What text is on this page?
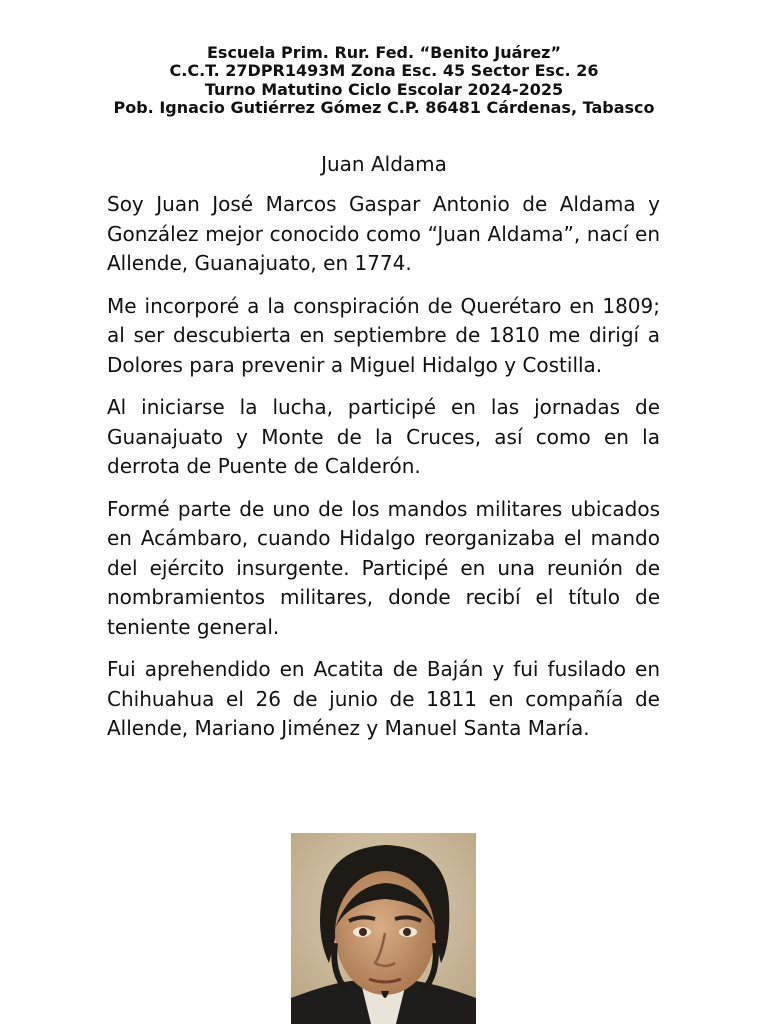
Escuela Prim. Rur. Fed. “Benito Juárez”
C.C.T. 27DPR1493M Zona Esc. 45 Sector Esc. 26
Turno Matutino Ciclo Escolar 2024-2025
Pob. Ignacio Gutiérrez Gómez C.P. 86481 Cárdenas, Tabasco
Juan Aldama

Soy Juan José Marcos Gaspar Antonio de Aldama y González mejor conocido como “Juan Aldama”, nací en Allende, Guanajuato, en 1774.

Me incorporé a la conspiración de Querétaro en 1809; al ser descubierta en septiembre de 1810 me dirigí a Dolores para prevenir a Miguel Hidalgo y Costilla.

Al iniciarse la lucha, participé en las jornadas de Guanajuato y Monte de la Cruces, así como en la derrota de Puente de Calderón.

Formé parte de uno de los mandos militares ubicados en Acámbaro, cuando Hidalgo reorganizaba el mando del ejército insurgente. Participé en una reunión de nombramientos militares, donde recibí el título de teniente general.

Fui aprehendido en Acatita de Baján y fui fusilado en Chihuahua el 26 de junio de 1811 en compañía de Allende, Mariano Jiménez y Manuel Santa María.
